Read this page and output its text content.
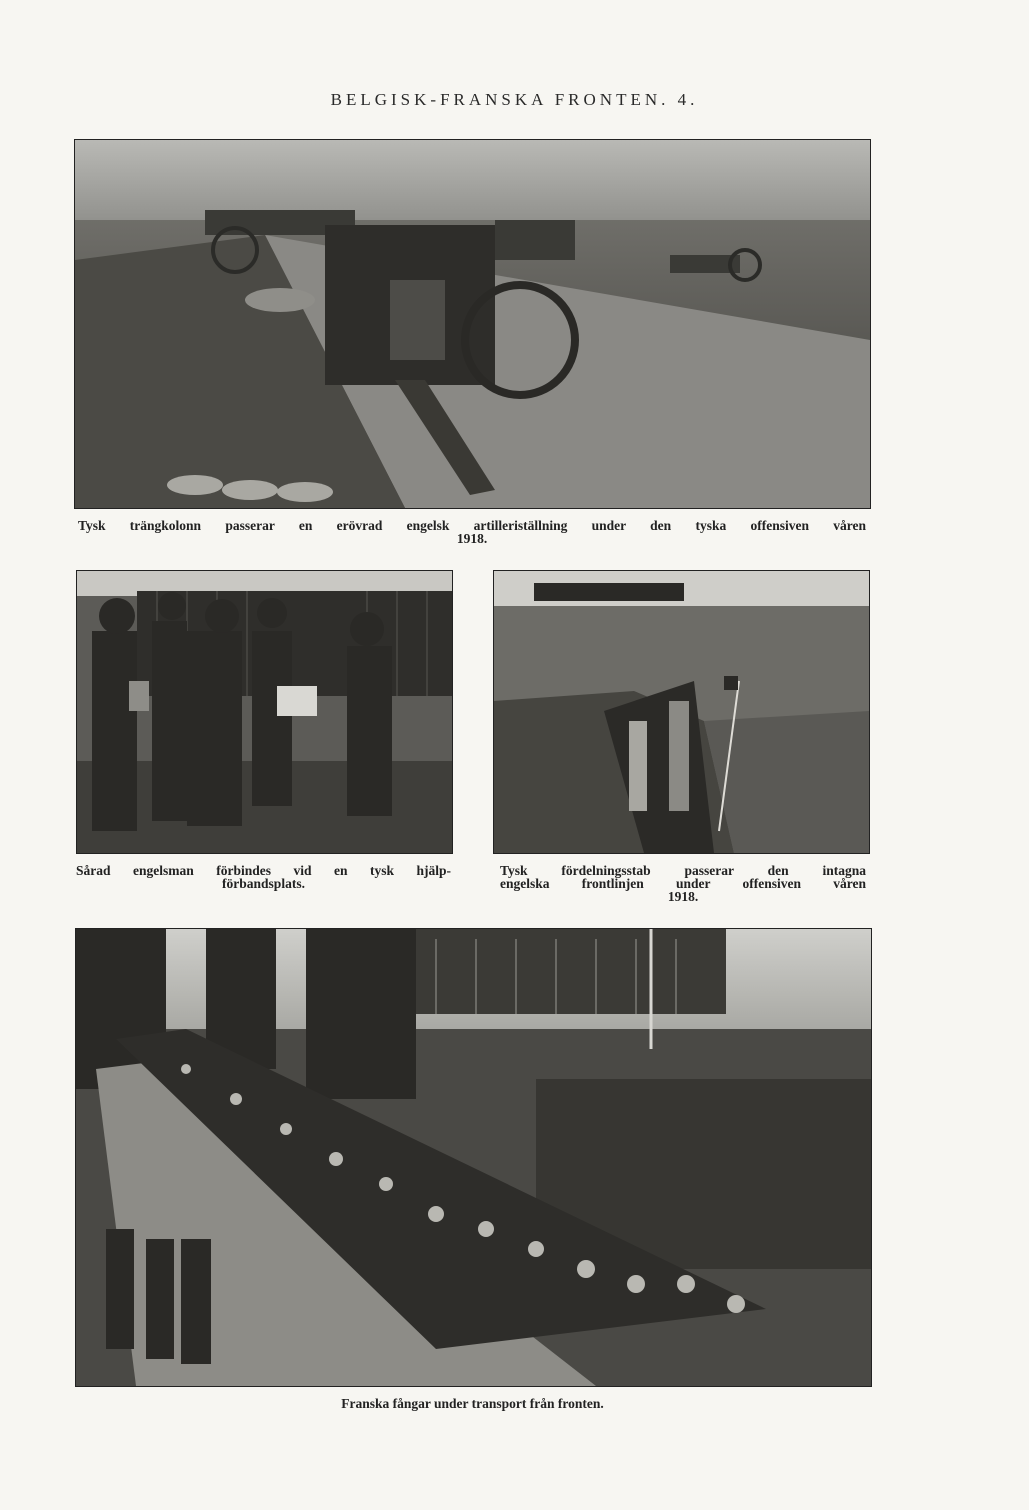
BELGISK-FRANSKA FRONTEN. 4.
Tysk trängkolonn passerar en erövrad engelsk artilleriställning under den tyska offensiven våren
1918.
Sårad engelsman förbindes vid en tysk hjälp-
förbandsplats.
Tysk fördelningsstab passerar den intagna
engelska frontlinjen under offensiven våren
1918.
Franska fångar under transport från fronten.
